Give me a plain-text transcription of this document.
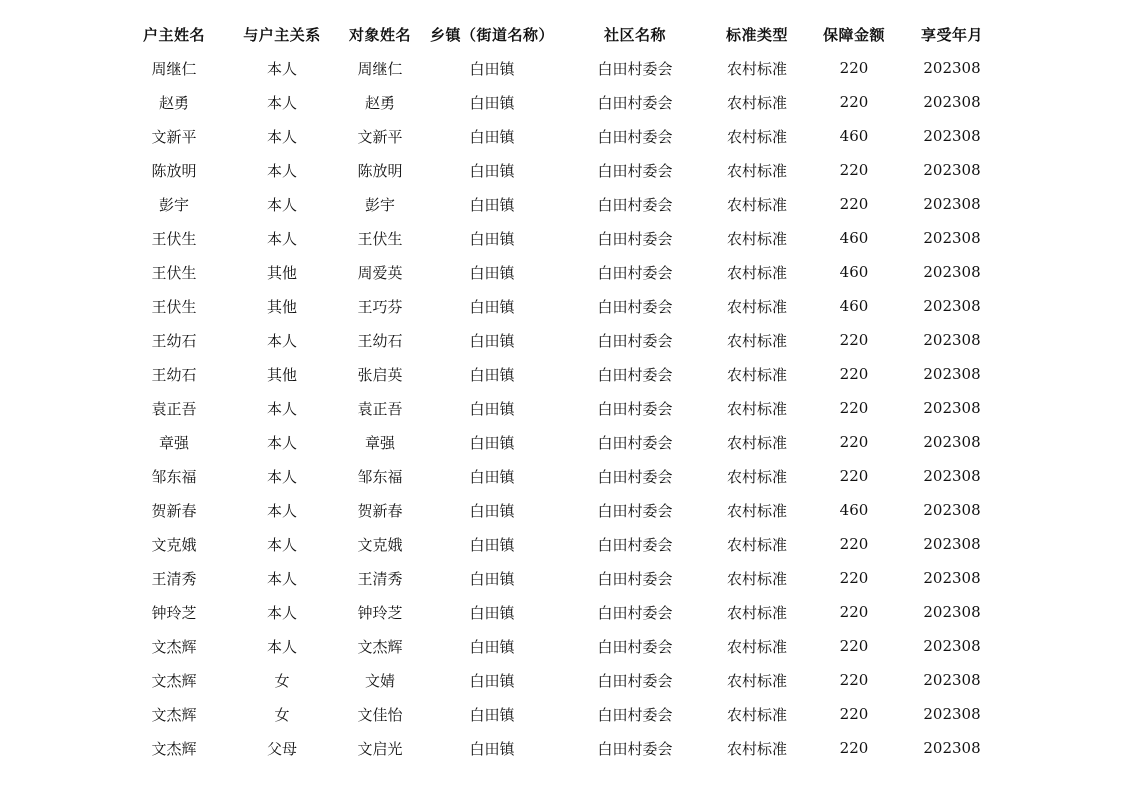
户主姓名	与户主关系	对象姓名	乡镇（街道名称）	社区名称	标准类型	保障金额	享受年月
周继仁	本人	周继仁	白田镇	白田村委会	农村标准	220	202308
赵勇	本人	赵勇	白田镇	白田村委会	农村标准	220	202308
文新平	本人	文新平	白田镇	白田村委会	农村标准	460	202308
陈放明	本人	陈放明	白田镇	白田村委会	农村标准	220	202308
彭宇	本人	彭宇	白田镇	白田村委会	农村标准	220	202308
王伏生	本人	王伏生	白田镇	白田村委会	农村标准	460	202308
王伏生	其他	周爱英	白田镇	白田村委会	农村标准	460	202308
王伏生	其他	王巧芬	白田镇	白田村委会	农村标准	460	202308
王幼石	本人	王幼石	白田镇	白田村委会	农村标准	220	202308
王幼石	其他	张启英	白田镇	白田村委会	农村标准	220	202308
袁正吾	本人	袁正吾	白田镇	白田村委会	农村标准	220	202308
章强	本人	章强	白田镇	白田村委会	农村标准	220	202308
邹东福	本人	邹东福	白田镇	白田村委会	农村标准	220	202308
贺新春	本人	贺新春	白田镇	白田村委会	农村标准	460	202308
文克娥	本人	文克娥	白田镇	白田村委会	农村标准	220	202308
王清秀	本人	王清秀	白田镇	白田村委会	农村标准	220	202308
钟玲芝	本人	钟玲芝	白田镇	白田村委会	农村标准	220	202308
文杰辉	本人	文杰辉	白田镇	白田村委会	农村标准	220	202308
文杰辉	女	文婧	白田镇	白田村委会	农村标准	220	202308
文杰辉	女	文佳怡	白田镇	白田村委会	农村标准	220	202308
文杰辉	父母	文启光	白田镇	白田村委会	农村标准	220	202308
